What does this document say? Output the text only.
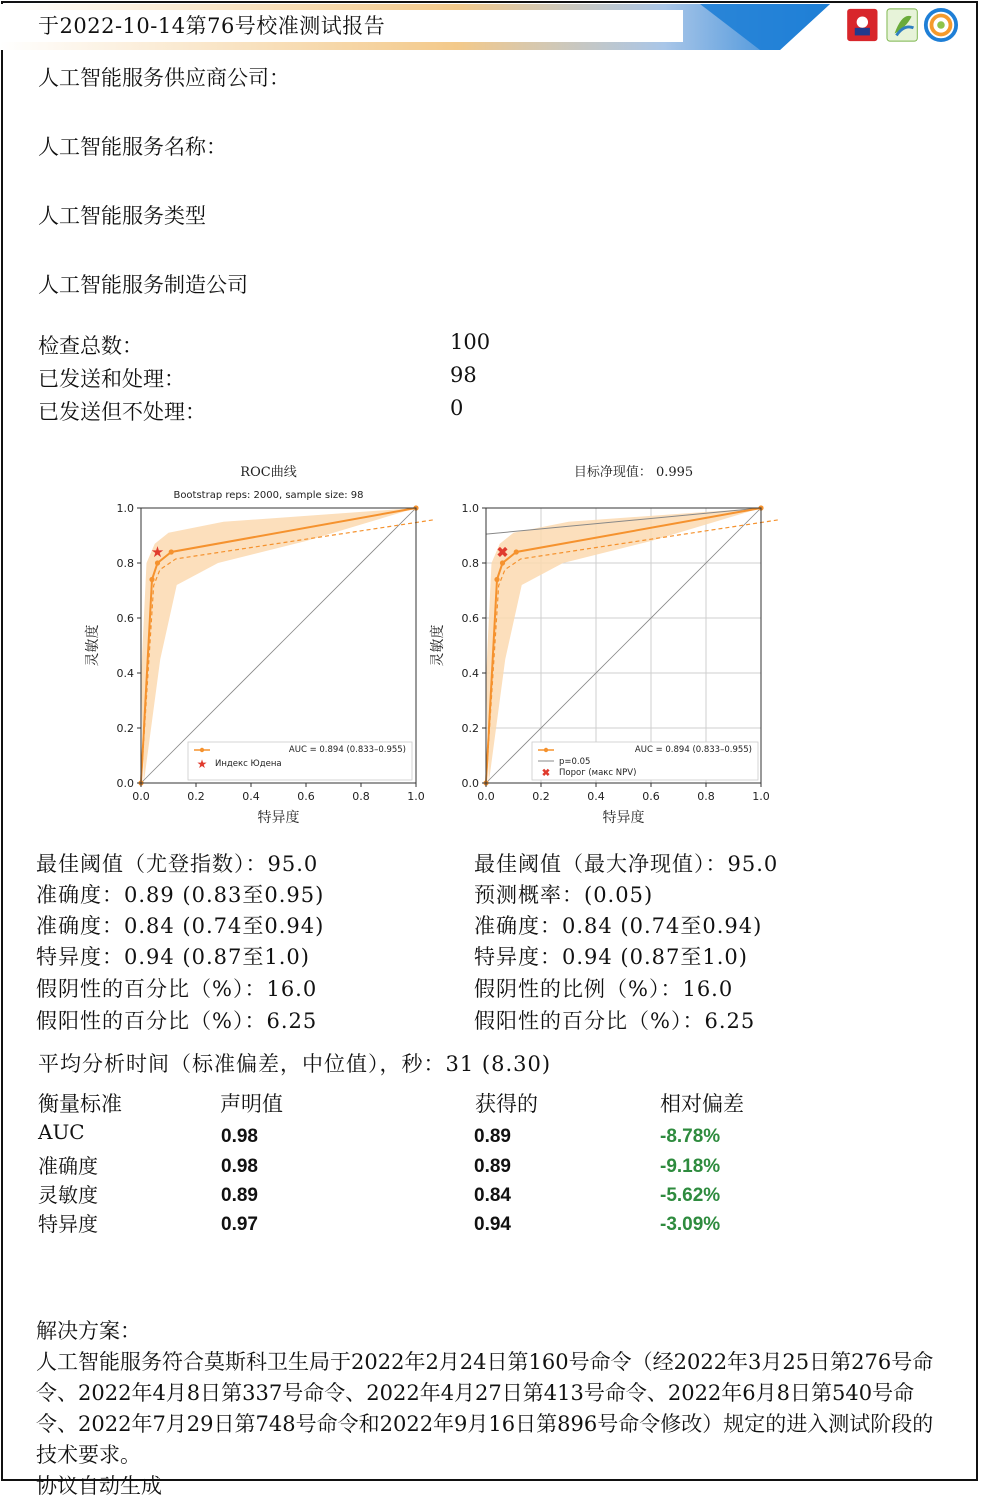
于2022-10-14第76号校准测试报告
人工智能服务供应商公司：
人工智能服务名称：
人工智能服务类型
人工智能服务制造公司
检查总数：	100
已发送和处理：	98
已发送但不处理：	0
ROC曲线
Bootstrap reps: 2000, sample size: 98
★
0.0
0.0
0.2
0.2
0.4
0.4
0.6
0.6
0.8
0.8
1.0
1.0
特异度
灵敏度
AUC = 0.894 (0.833–0.955)
★ Индекс Юдена
目标净现值： 0.995
✖
0.0
0.0
0.2
0.2
0.4
0.4
0.6
0.6
0.8
0.8
1.0
1.0
特异度
灵敏度
AUC = 0.894 (0.833–0.955)
p=0.05
✖ Порог (макс NPV)
最佳阈值（尤登指数）：95.0
准确度：0.89 (0.83至0.95)
准确度：0.84 (0.74至0.94)
特异度：0.94 (0.87至1.0)
假阴性的百分比（%）：16.0
假阳性的百分比（%）：6.25
最佳阈值（最大净现值）：95.0
预测概率：(0.05)
准确度：0.84 (0.74至0.94)
特异度：0.94 (0.87至1.0)
假阴性的比例（%）：16.0
假阳性的百分比（%）：6.25
平均分析时间（标准偏差，中位值），秒：31 (8.30)
衡量标准	声明值	获得的	相对偏差
AUC	0.98	0.89	-8.78%
准确度	0.98	0.89	-9.18%
灵敏度	0.89	0.84	-5.62%
特异度	0.97	0.94	-3.09%
解决方案：
人工智能服务符合莫斯科卫生局于2022年2月24日第160号命令（经2022年3月25日第276号命令、2022年4月8日第337号命令、2022年4月27日第413号命令、2022年6月8日第540号命令、2022年7月29日第748号命令和2022年9月16日第896号命令修改）规定的进入测试阶段的技术要求。
协议自动生成
